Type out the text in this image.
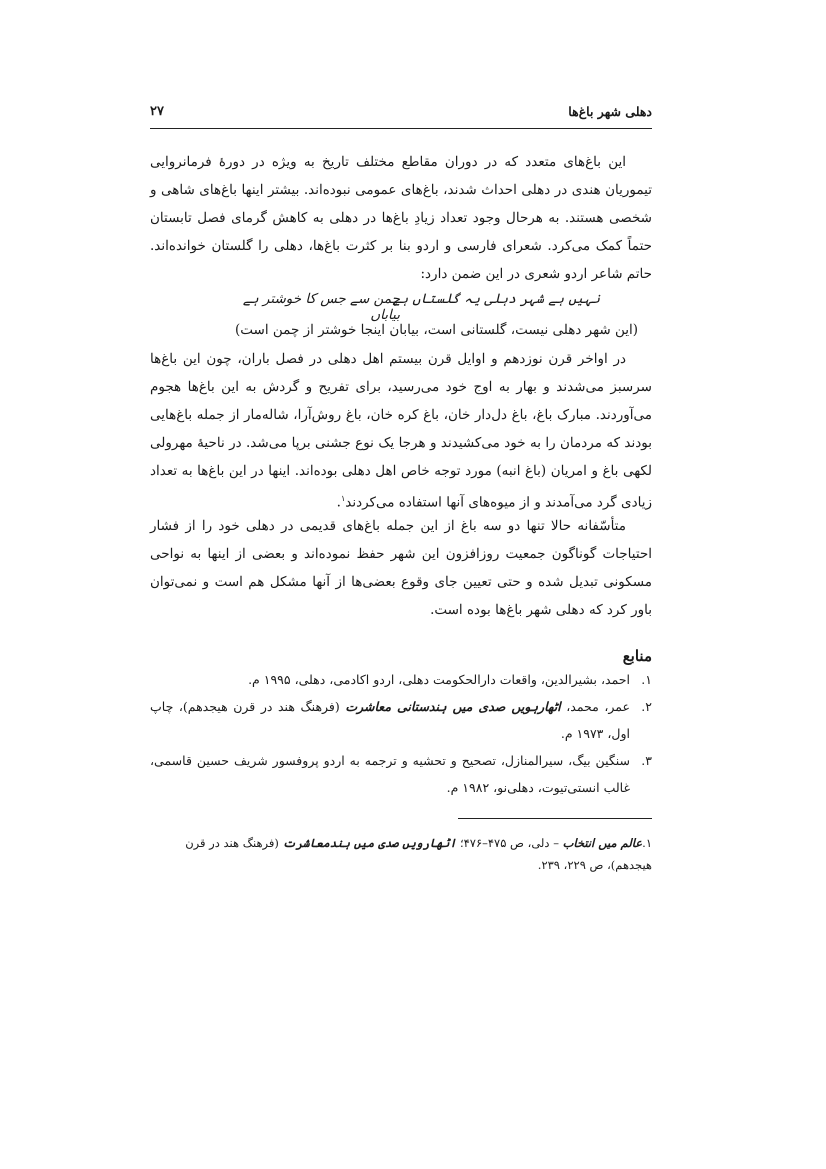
دهلی شهر باغ‌ها
۲۷

این باغ‌های متعدد که در دوران مقاطع مختلف تاریخ به ویژه در دورهٔ فرمانروایی تیموریان هندی در دهلی احداث شدند، باغ‌های عمومی نبوده‌اند. بیشتر اینها باغ‌های شاهی و شخصی هستند. به هرحال وجود تعداد زیادِ باغ‌ها در دهلی به کاهش گرمای فصل تابستان حتماً کمک می‌کرد. شعرای فارسی و اردو بنا بر کثرت باغ‌ها، دهلی را گلستان خوانده‌اند. حاتم شاعر اردو شعری در این ضمن دارد:

نہیں ہے شہر دہلی یہ گلستاں ہے
چمن سے جس کا خوشتر ہے بیاباں
(این شهر دهلی نیست، گلستانی است، بیابان اینجا خوشتر از چمن است)

در اواخر قرن نوزدهم و اوایل قرن بیستم اهل دهلی در فصل باران، چون این باغ‌ها سرسبز می‌شدند و بهار به اوج خود می‌رسید، برای تفریح و گردش به این باغ‌ها هجوم می‌آوردند. مبارک باغ، باغ دل‌دار خان، باغ کره خان، باغ روش‌آرا، شاله‌مار از جمله باغ‌هایی بودند که مردمان را به خود می‌کشیدند و هرجا یک نوع جشنی برپا می‌شد. در ناحیهٔ مهرولی لکهی باغ و امریان (باغ انبه) مورد توجه خاص اهل دهلی بوده‌اند. اینها در این باغ‌ها به تعداد زیادی گرد می‌آمدند و از میوه‌های آنها استفاده می‌کردند$^۱$.

متأسّفانه حالا تنها دو سه باغ از این جمله باغ‌های قدیمی در دهلی خود را از فشار احتیاجات گوناگون جمعیت روزافزون این شهر حفظ نموده‌اند و بعضی از اینها به نواحی مسکونی تبدیل شده و حتی تعیین جای وقوع بعضی‌ها از آنها مشکل هم است و نمی‌توان باور کرد که دهلی شهر باغ‌ها بوده است.

منابع
۱.
احمد، بشیرالدین، واقعات دارالحکومت دهلی، اردو اکادمی، دهلی، ۱۹۹۵ م.
۲.
عمر، محمد، اٹھارہویں صدی میں ہندستانی معاشرت (فرهنگ هند در قرن هیجدهم)، چاپ اول، ۱۹۷۳ م.
۳.
سنگین بیگ، سیرالمنازل، تصحیح و تحشیه و ترجمه به اردو پروفسور شریف حسین قاسمی، غالب انستی‌تیوت، دهلی‌نو، ۱۹۸۲ م.
۱.عالم میں انتخاب – دلی، ص ۴۷۵–۴۷۶؛ اٹھارویں صدی میں ہندمعاشرت (فرهنگ هند در قرن هیجدهم)، ص ۲۲۹، ۲۳۹.
